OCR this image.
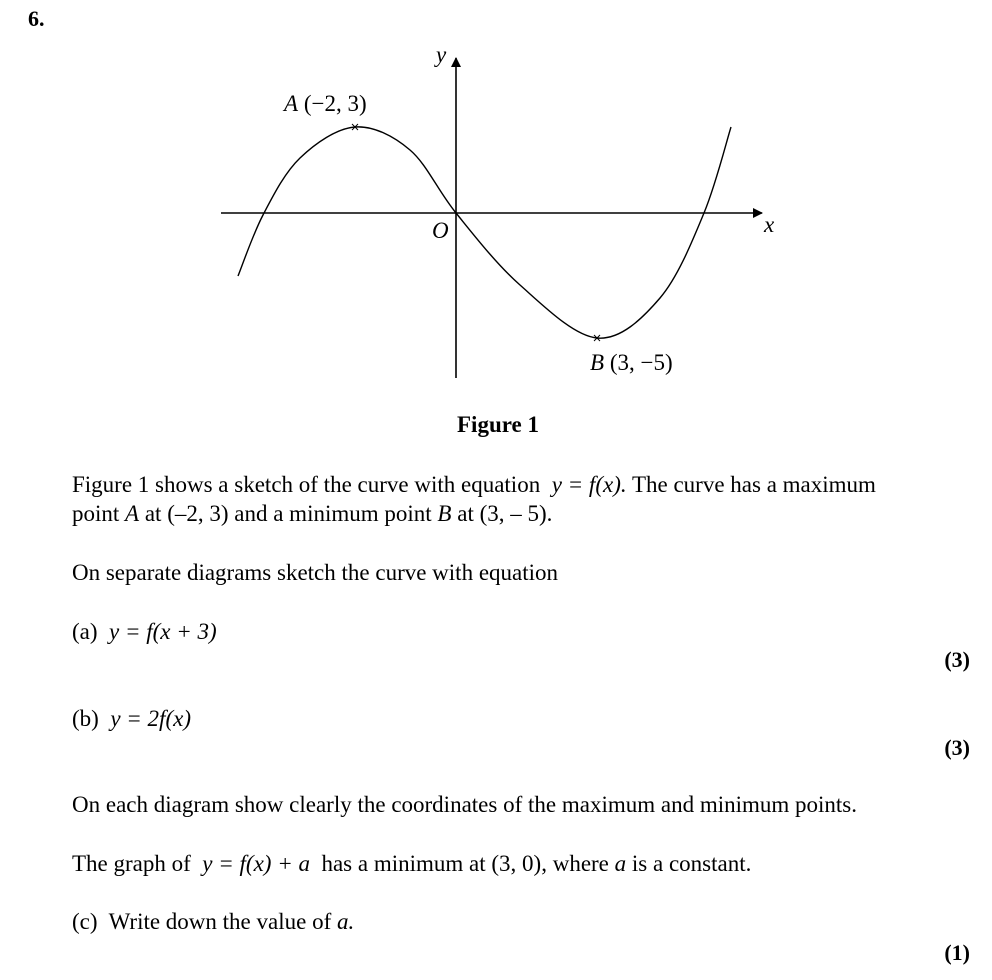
6.
y
x
O
A (−2, 3)
B (3, −5)
Figure 1
Figure 1 shows a sketch of the curve with equation y = f(x). The curve has a maximum
point A at (–2, 3) and a minimum point B at (3, – 5).
On separate diagrams sketch the curve with equation
(a) y = f(x + 3)
(3)
(b) y = 2f(x)
(3)
On each diagram show clearly the coordinates of the maximum and minimum points.
The graph of y = f(x) + a has a minimum at (3, 0), where a is a constant.
(c) Write down the value of a.
(1)
